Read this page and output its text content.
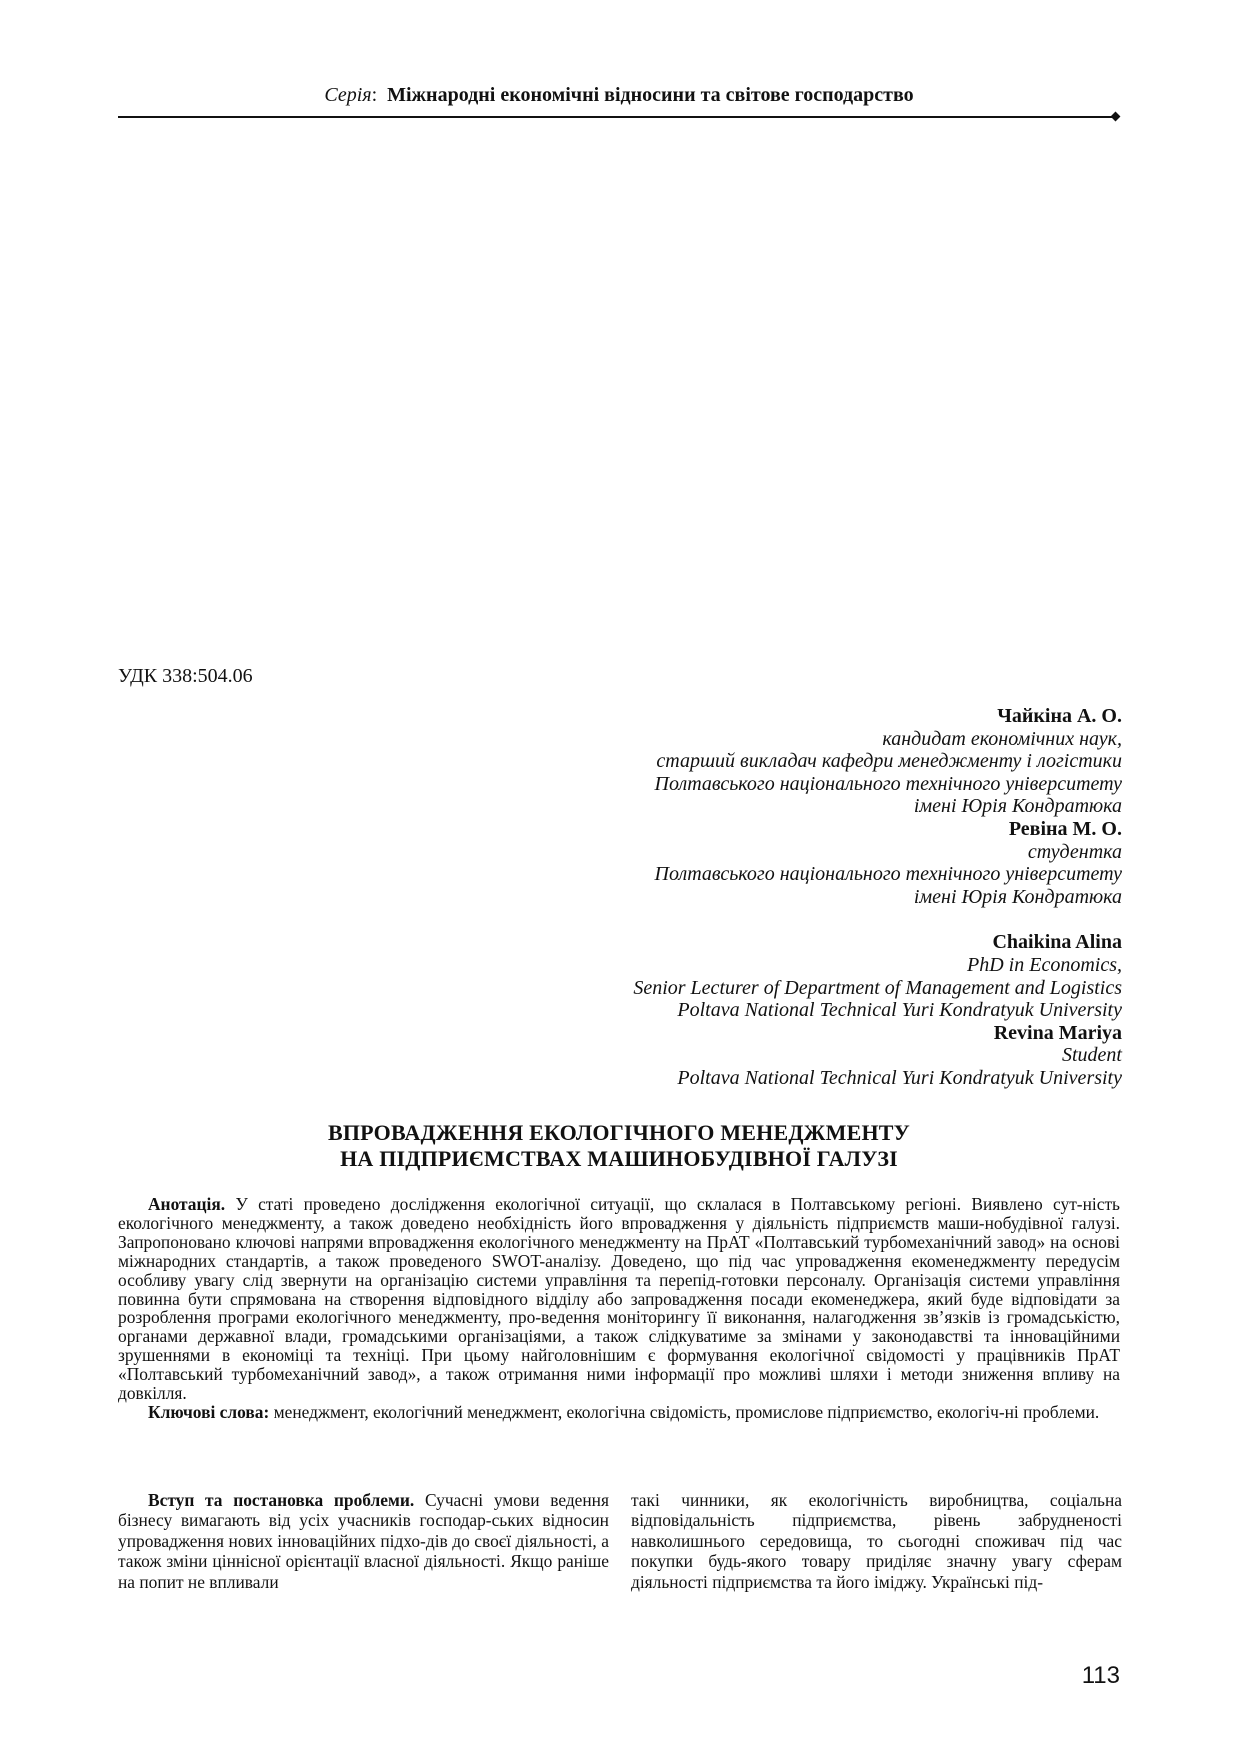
Серія:  Міжнародні економічні відносини та світове господарство
УДК 338:504.06
Чайкіна А. О.
кандидат економічних наук,
старший викладач кафедри менеджменту і логістики
Полтавського національного технічного університету
імені Юрія Кондратюка
Ревіна М. О.
студентка
Полтавського національного технічного університету
імені Юрія Кондратюка
Chaikina Alina
PhD in Economics,
Senior Lecturer of Department of Management and Logistics
Poltava National Technical Yuri Kondratyuk University
Revina Mariya
Student
Poltava National Technical Yuri Kondratyuk University
ВПРОВАДЖЕННЯ ЕКОЛОГІЧНОГО МЕНЕДЖМЕНТУ
НА ПІДПРИЄМСТВАХ МАШИНОБУДІВНОЇ ГАЛУЗІ

Анотація. У статі проведено дослідження екологічної ситуації, що склалася в Полтавському регіоні. Виявлено сут-ність екологічного менеджменту, а також доведено необхідність його впровадження у діяльність підприємств маши-нобудівної галузі. Запропоновано ключові напрями впровадження екологічного менеджменту на ПрАТ «Полтавський турбомеханічний завод» на основі міжнародних стандартів, а також проведеного SWOT-аналізу. Доведено, що під час упровадження екоменеджменту передусім особливу увагу слід звернути на організацію системи управління та перепід-готовки персоналу. Організація системи управління повинна бути спрямована на створення відповідного відділу або запровадження посади екоменеджера, який буде відповідати за розроблення програми екологічного менеджменту, про-ведення моніторингу її виконання, налагодження зв’язків із громадськістю, органами державної влади, громадськими організаціями, а також слідкуватиме за змінами у законодавстві та інноваційними зрушеннями в економіці та техніці. При цьому найголовнішим є формування екологічної свідомості у працівників ПрАТ «Полтавський турбомеханічний завод», а також отримання ними інформації про можливі шляхи і методи зниження впливу на довкілля.

Ключові слова: менеджмент, екологічний менеджмент, екологічна свідомість, промислове підприємство, екологіч-ні проблеми.

Вступ та постановка проблеми. Сучасні умови ведення бізнесу вимагають від усіх учасників господар-ських відносин упровадження нових інноваційних підхо-дів до своєї діяльності, а також зміни ціннісної орієнтації власної діяльності. Якщо раніше на попит не впливали

такі чинники, як екологічність виробництва, соціальна відповідальність підприємства, рівень забрудненості навколишнього середовища, то сьогодні споживач під час покупки будь-якого товару приділяє значну увагу сферам діяльності підприємства та його іміджу. Українські під-

113
